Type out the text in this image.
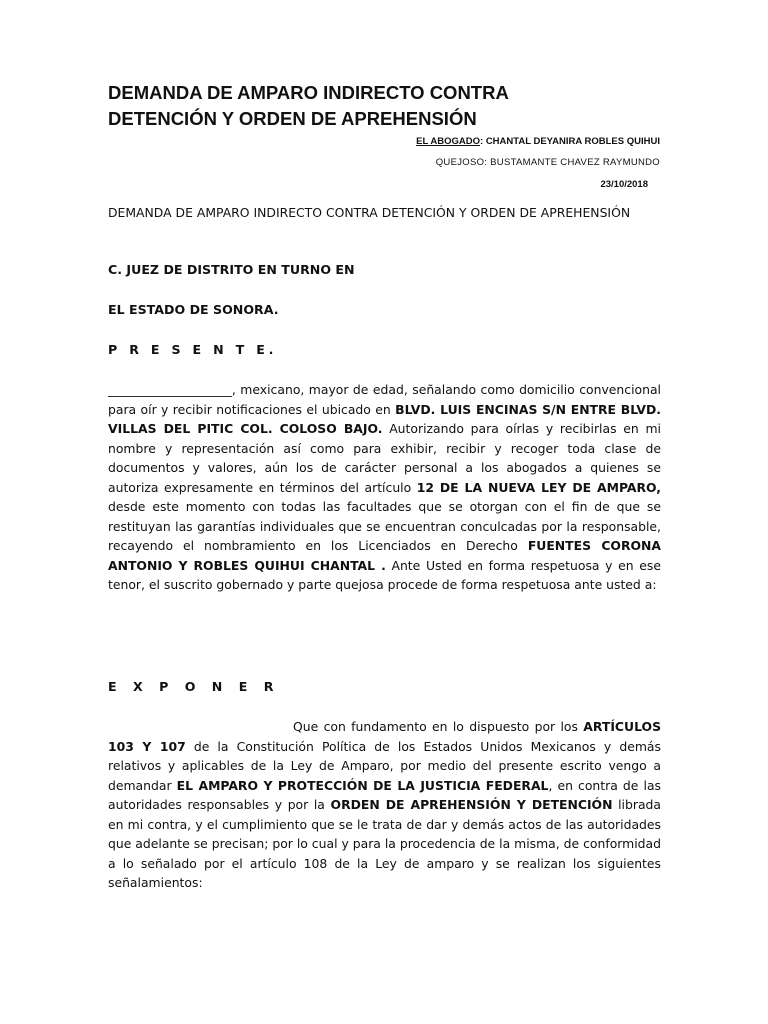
DEMANDA DE AMPARO INDIRECTO CONTRA
DETENCIÓN Y ORDEN DE APREHENSIÓN

EL ABOGADO: CHANTAL DEYANIRA ROBLES QUIHUI

QUEJOSO: BUSTAMANTE CHAVEZ RAYMUNDO

23/10/2018

DEMANDA DE AMPARO INDIRECTO CONTRA DETENCIÓN Y ORDEN DE APREHENSIÓN

C. JUEZ DE DISTRITO EN TURNO EN

EL ESTADO DE SONORA.

P R E S E N T E.

____________________, mexicano, mayor de edad, señalando como domicilio convencional para oír y recibir notificaciones el ubicado en BLVD. LUIS ENCINAS S/N ENTRE BLVD. VILLAS DEL PITIC COL. COLOSO BAJO. Autorizando para oírlas y recibirlas en mi nombre y representación así como para exhibir, recibir y recoger toda clase de documentos y valores, aún los de carácter personal a los abogados a quienes se autoriza expresamente en términos del artículo 12 DE LA NUEVA LEY DE AMPARO, desde este momento con todas las facultades que se otorgan con el fin de que se restituyan las garantías individuales que se encuentran conculcadas por la responsable, recayendo el nombramiento en los Licenciados en Derecho FUENTES CORONA ANTONIO Y ROBLES QUIHUI CHANTAL . Ante Usted en forma respetuosa y en ese tenor, el suscrito gobernado y parte quejosa procede de forma respetuosa ante usted a:

E X P O N E R

Que con fundamento en lo dispuesto por los ARTÍCULOS 103 Y 107 de la Constitución Política de los Estados Unidos Mexicanos y demás relativos y aplicables de la Ley de Amparo, por medio del presente escrito vengo a demandar EL AMPARO Y PROTECCIÓN DE LA JUSTICIA FEDERAL, en contra de las autoridades responsables y por la ORDEN DE APREHENSIÓN Y DETENCIÓN librada en mi contra, y el cumplimiento que se le trata de dar y demás actos de las autoridades que adelante se precisan; por lo cual y para la procedencia de la misma, de conformidad a lo señalado por el artículo 108 de la Ley de amparo y se realizan los siguientes señalamientos:
